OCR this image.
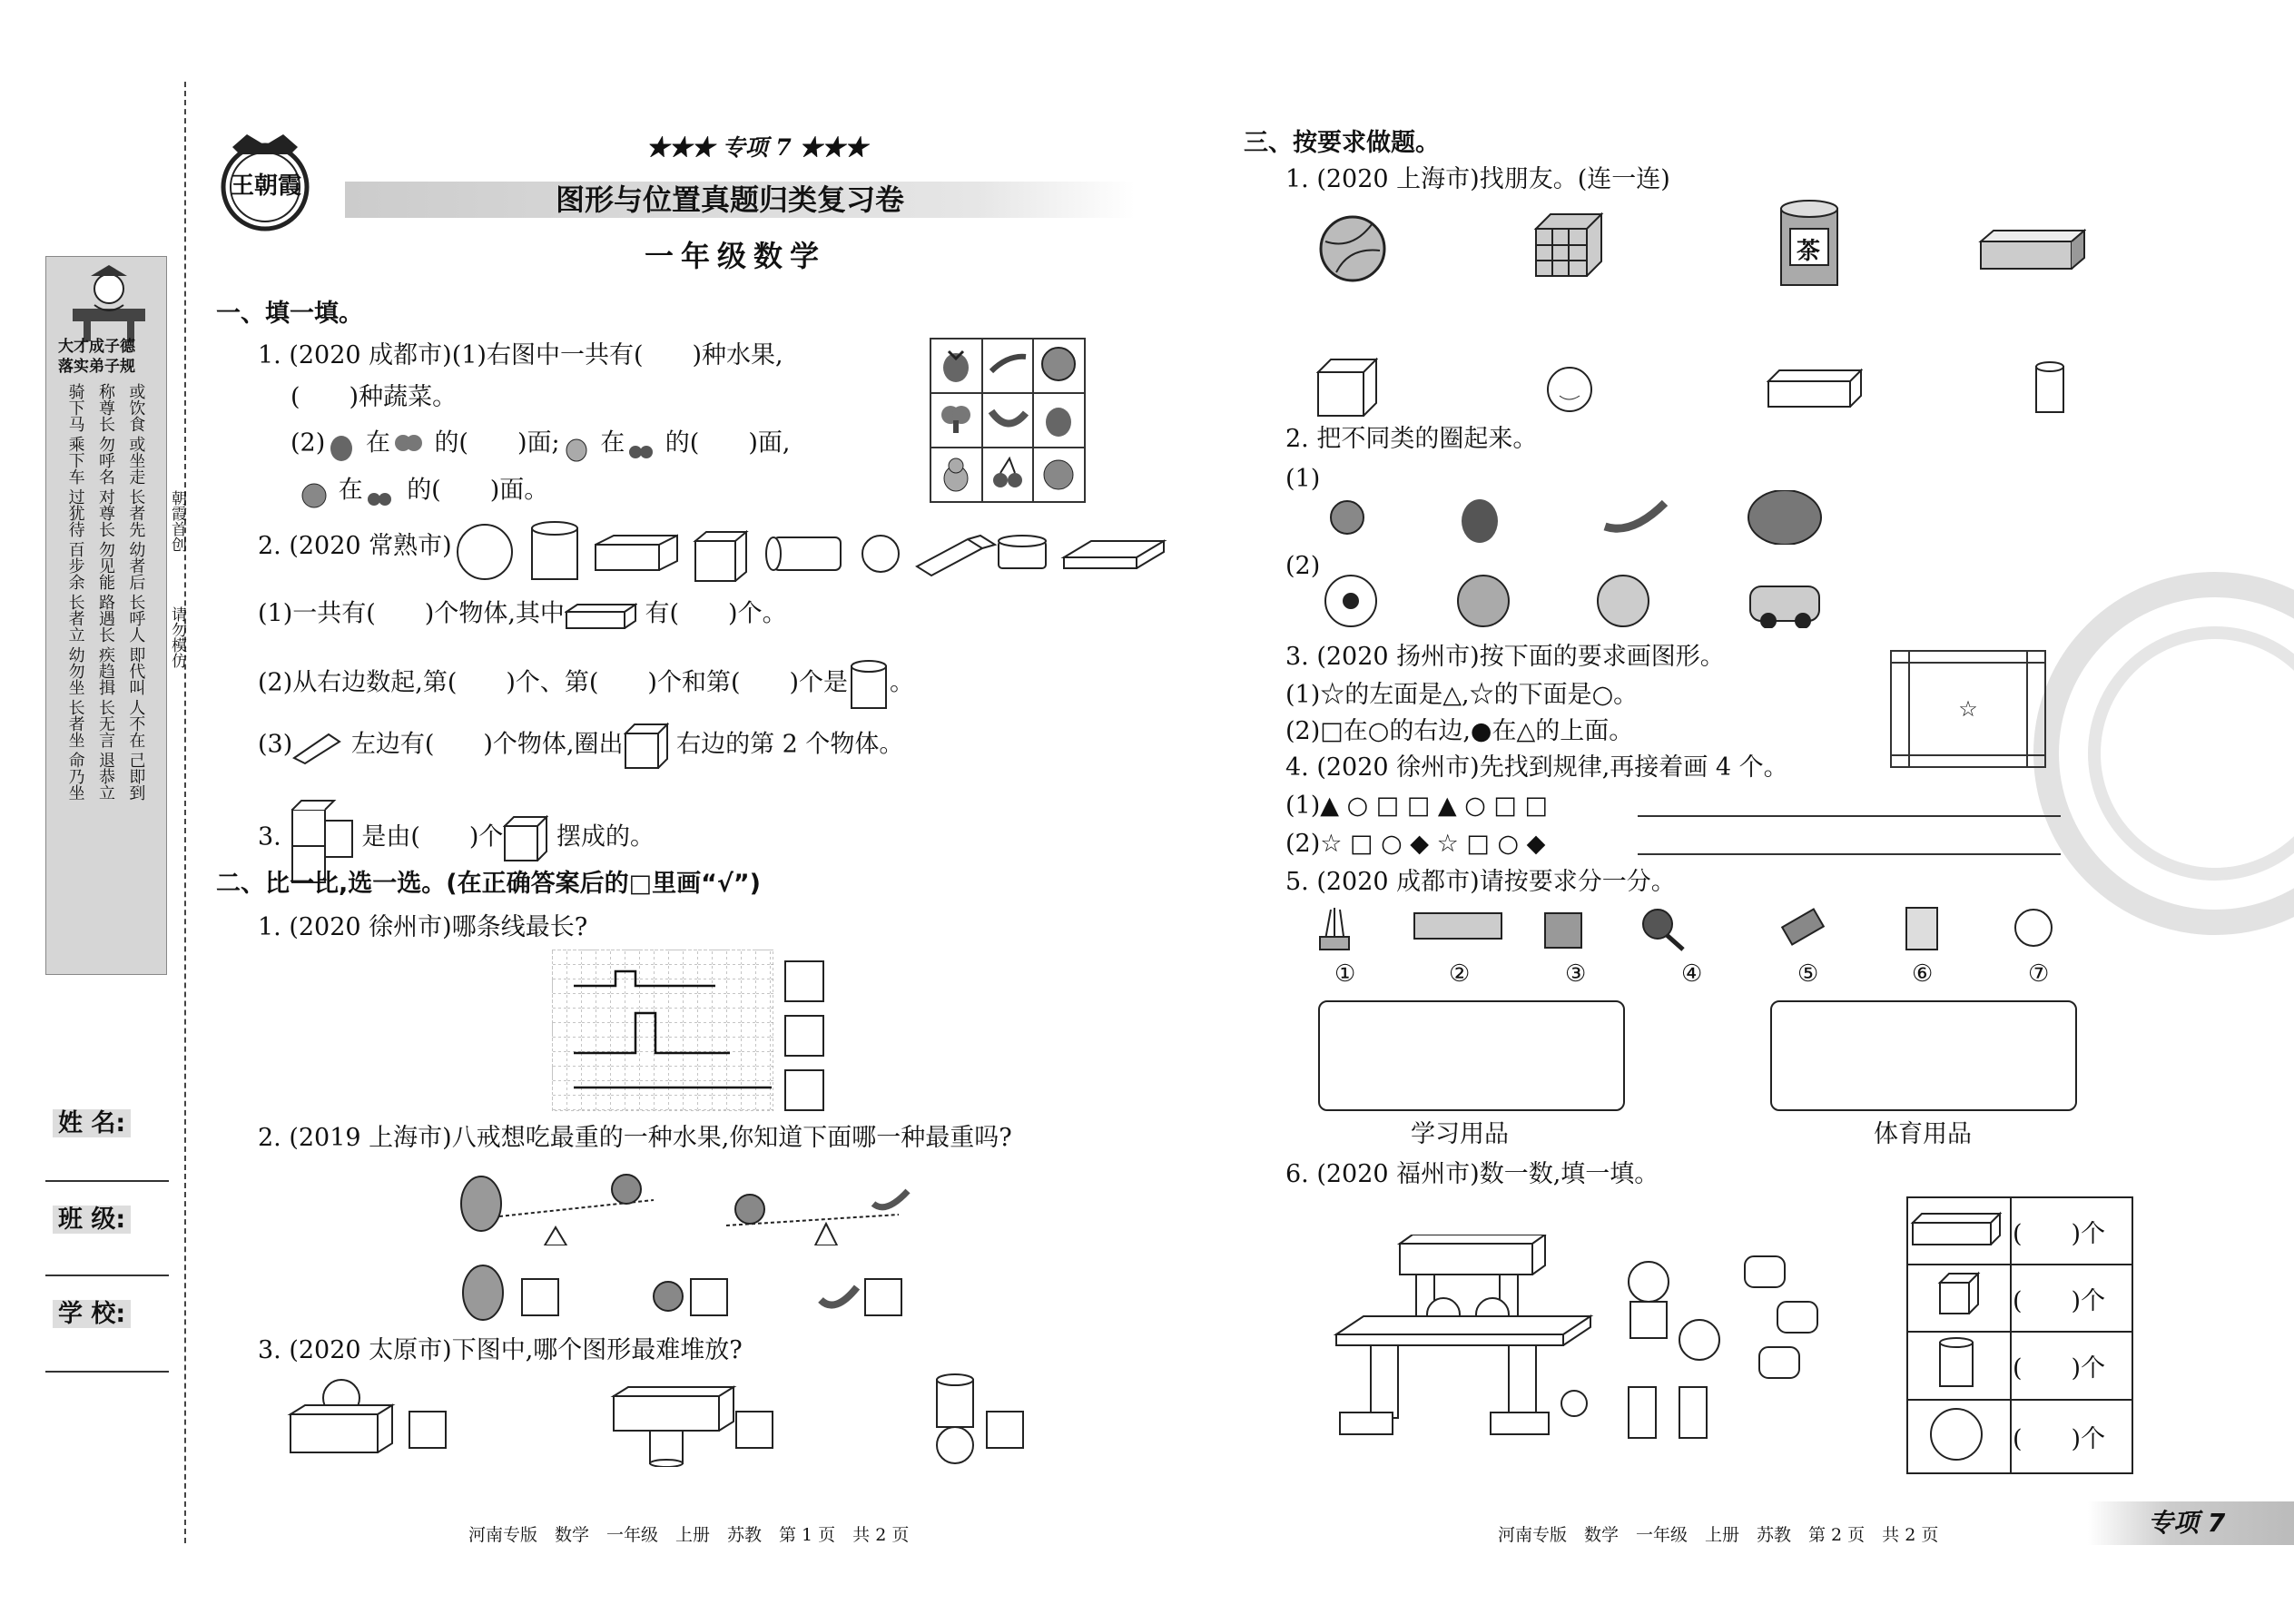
大才成子德
落实弟子规
骑下马 称尊长 或饮食
乘下车 勿呼名 或坐走
过犹待 对尊长 长者先
百步余 勿见能 幼者后
长者立 路遇长 长呼人
幼勿坐 疾趋揖 即代叫
长者坐 长无言 人不在
命乃坐 退恭立 己即到
朝霞首创
请勿模仿
姓 名:
班 级:
学 校:
王朝霞
★★★ 专项 7 ★★★
图形与位置真题归类复习卷
一年级数学
一、填一填。
1. (2020 成都市)(1)右图中一共有(　　)种水果,
(　　)种蔬菜。

(2) 在 的(　　)面; 在 的(　　)面,
在 的(　　)面。
2. (2020 常熟市)
(1)一共有(　　)个物体,其中	有(　　)个。
(2)从右边数起,第(　　)个、第(　　)个和第(　　)个是 。
(3) 左边有(　　)个物体,圈出 右边的第 2 个物体。
3.	是由(　　)个 摆成的。
二、比一比,选一选。(在正确答案后的□里画“√”)
1. (2020 徐州市)哪条线最长?
2. (2019 上海市)八戒想吃最重的一种水果,你知道下面哪一种最重吗?
3. (2020 太原市)下图中,哪个图形最难堆放?
河南专版　数学　一年级　上册　苏教　第 1 页　共 2 页
三、按要求做题。
1. (2020 上海市)找朋友。(连一连)
茶
2. 把不同类的圈起来。
(1)
(2)
3. (2020 扬州市)按下面的要求画图形。
(1)☆的左面是△,☆的下面是○。
(2)□在○的右边,●在△的上面。

	☆	

4. (2020 徐州市)先找到规律,再接着画 4 个。
(1)▲ ○ □ □ ▲ ○ □ □
(2)☆ □ ○ ◆ ☆ □ ○ ◆
5. (2020 成都市)请按要求分一分。
①	②	③	④	⑤	⑥	⑦
学习用品	体育用品
6. (2020 福州市)数一数,填一填。
	(　　)个
	(　　)个
	(　　)个
	(　　)个
河南专版　数学　一年级　上册　苏教　第 2 页　共 2 页	专项 7
